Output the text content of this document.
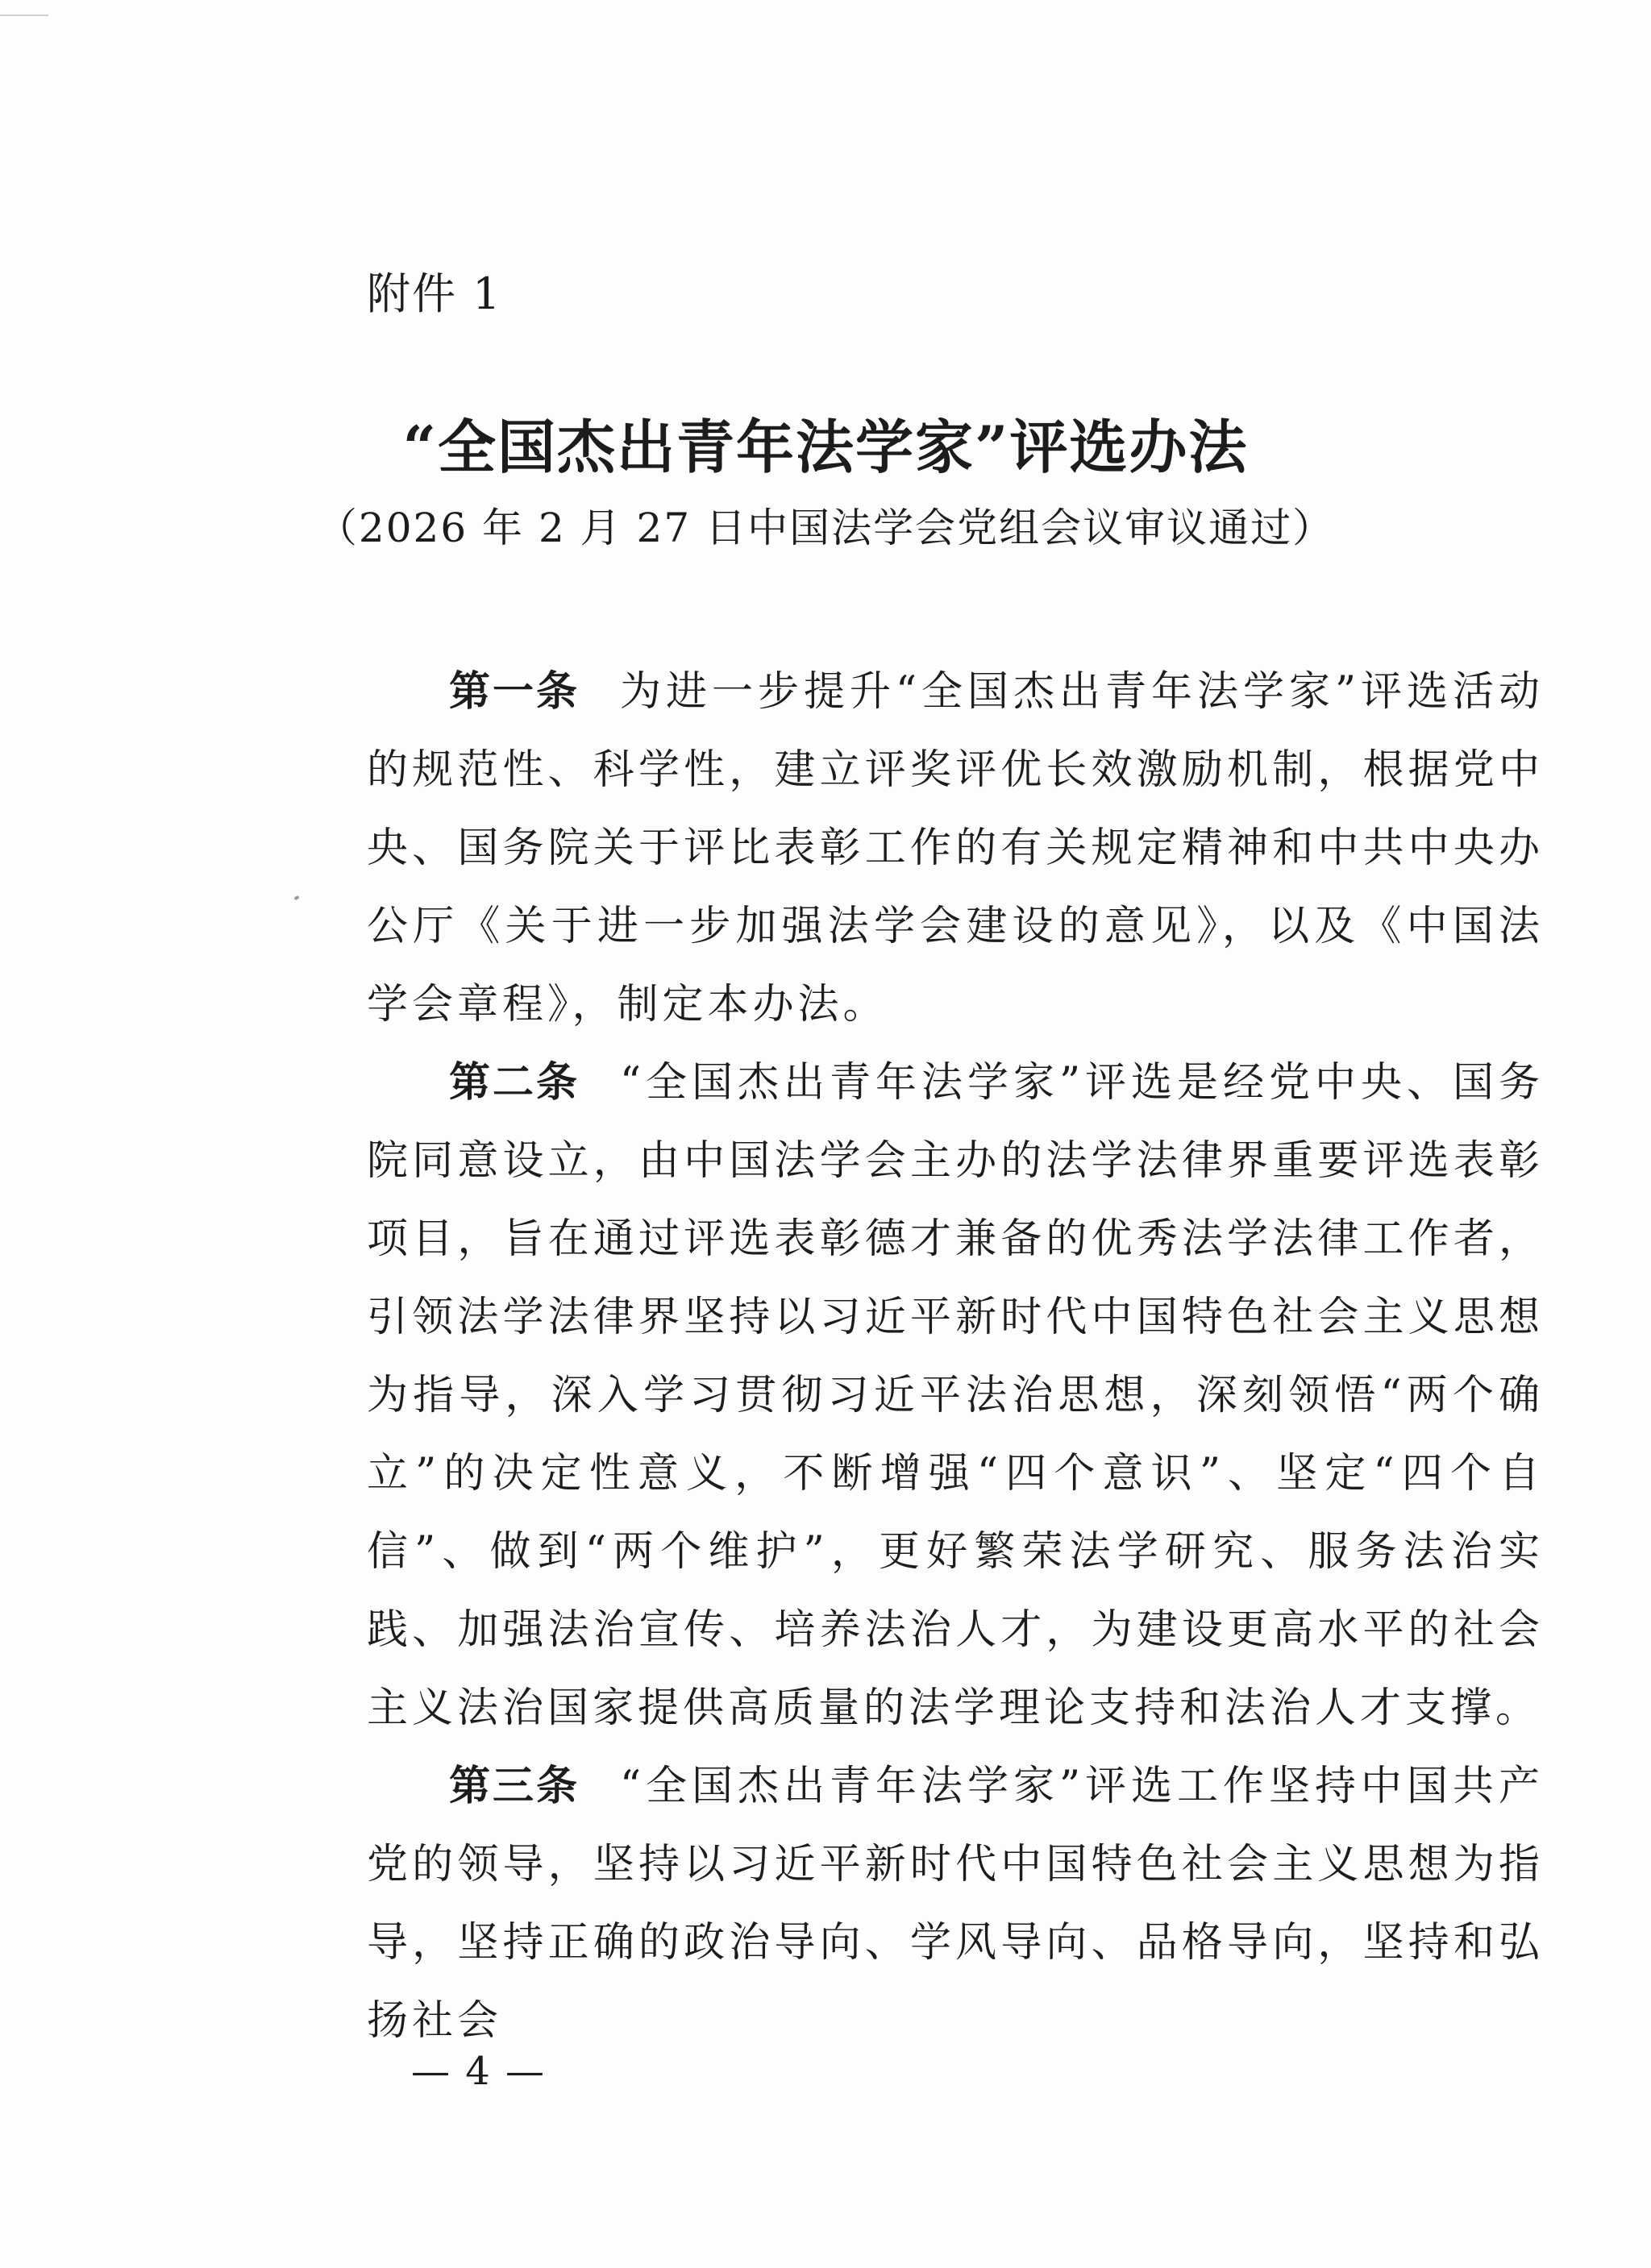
附件 1
“全国杰出青年法学家”评选办法
（2026 年 2 月 27 日中国法学会党组会议审议通过）

第一条 为进一步提升“全国杰出青年法学家”评选活动的规范性、科学性，建立评奖评优长效激励机制，根据党中央、国务院关于评比表彰工作的有关规定精神和中共中央办公厅《关于进一步加强法学会建设的意见》，以及《中国法学会章程》，制定本办法。

第二条 “全国杰出青年法学家”评选是经党中央、国务院同意设立，由中国法学会主办的法学法律界重要评选表彰项目，旨在通过评选表彰德才兼备的优秀法学法律工作者，引领法学法律界坚持以习近平新时代中国特色社会主义思想为指导，深入学习贯彻习近平法治思想，深刻领悟“两个确立”的决定性意义，不断增强“四个意识”、坚定“四个自信”、做到“两个维护”，更好繁荣法学研究、服务法治实践、加强法治宣传、培养法治人才，为建设更高水平的社会主义法治国家提供高质量的法学理论支持和法治人才支撑。

第三条 “全国杰出青年法学家”评选工作坚持中国共产党的领导，坚持以习近平新时代中国特色社会主义思想为指导，坚持正确的政治导向、学风导向、品格导向，坚持和弘扬社会

— 4 —
